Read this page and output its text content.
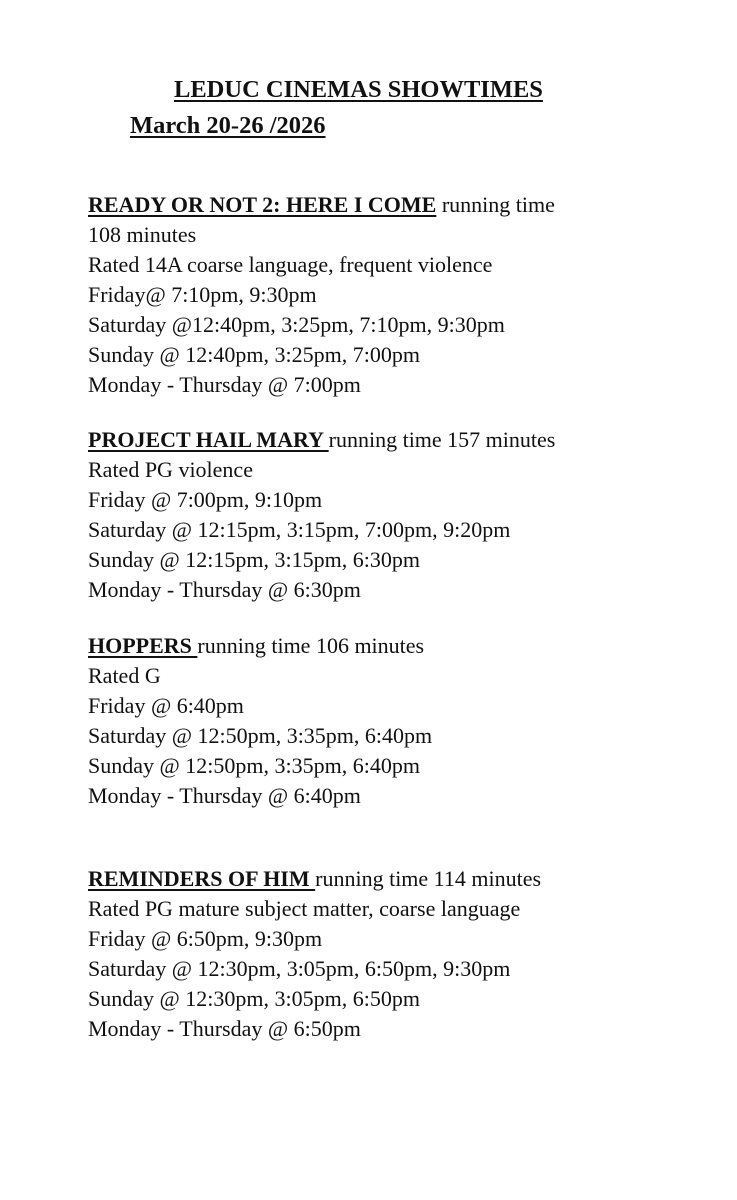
LEDUC CINEMAS SHOWTIMES
March 20-26 /2026
READY OR NOT 2: HERE I COME running time
108 minutes
Rated 14A coarse language, frequent violence
Friday@ 7:10pm, 9:30pm
Saturday @12:40pm, 3:25pm, 7:10pm, 9:30pm
Sunday @ 12:40pm, 3:25pm, 7:00pm
Monday - Thursday @ 7:00pm
PROJECT HAIL MARY running time 157 minutes
Rated PG violence
Friday @ 7:00pm, 9:10pm
Saturday @ 12:15pm, 3:15pm, 7:00pm, 9:20pm
Sunday @ 12:15pm, 3:15pm, 6:30pm
Monday - Thursday @ 6:30pm
HOPPERS running time 106 minutes
Rated G
Friday @ 6:40pm
Saturday @ 12:50pm, 3:35pm, 6:40pm
Sunday @ 12:50pm, 3:35pm, 6:40pm
Monday - Thursday @ 6:40pm
REMINDERS OF HIM running time 114 minutes
Rated PG mature subject matter, coarse language
Friday @ 6:50pm, 9:30pm
Saturday @ 12:30pm, 3:05pm, 6:50pm, 9:30pm
Sunday @ 12:30pm, 3:05pm, 6:50pm
Monday - Thursday @ 6:50pm
